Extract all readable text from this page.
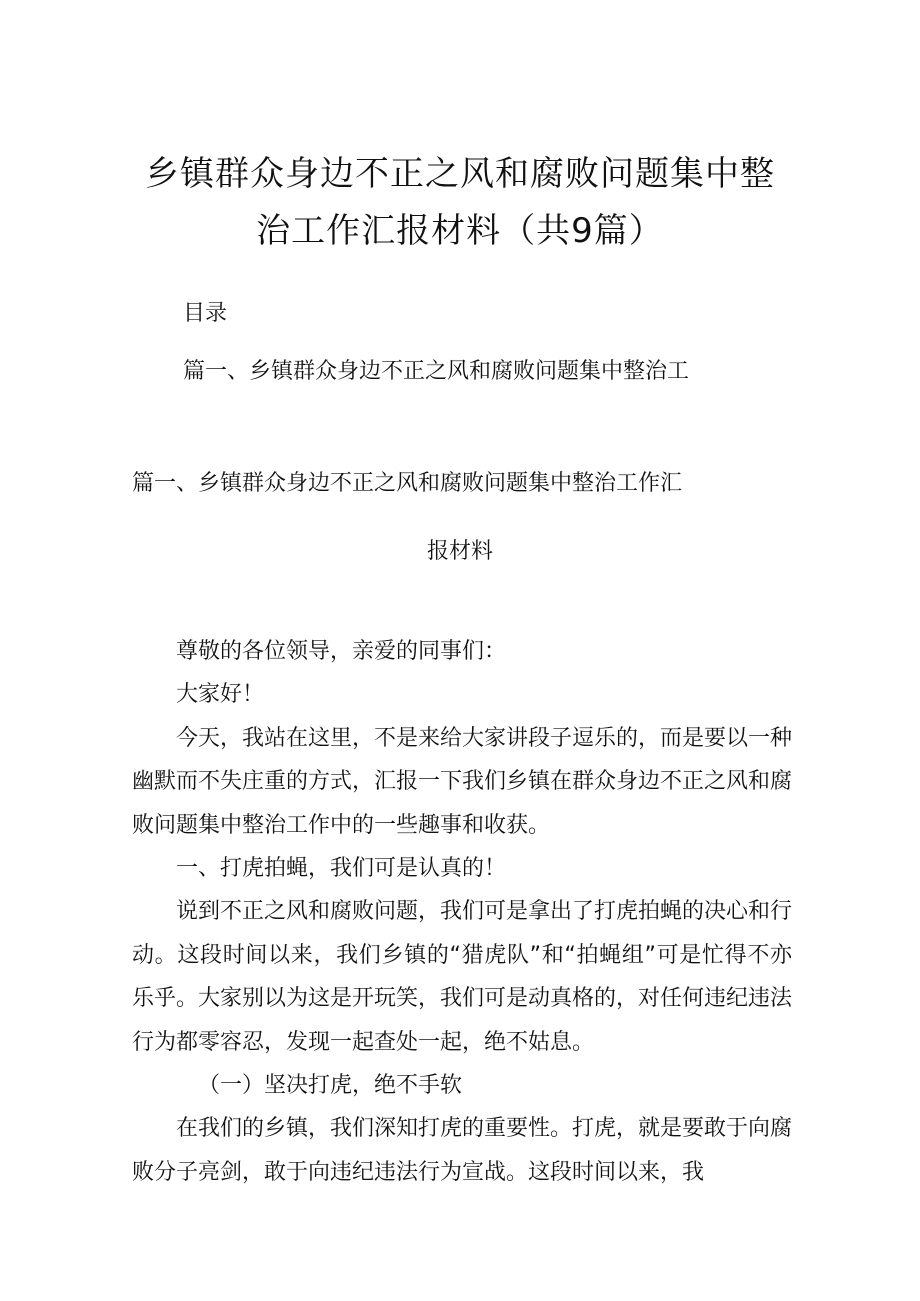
乡镇群众身边不正之风和腐败问题集中整
治工作汇报材料（共9篇）
目录
篇一、乡镇群众身边不正之风和腐败问题集中整治工
篇一、乡镇群众身边不正之风和腐败问题集中整治工作汇
报材料

尊敬的各位领导，亲爱的同事们：

大家好！

今天，我站在这里，不是来给大家讲段子逗乐的，而是要以一种幽默而不失庄重的方式，汇报一下我们乡镇在群众身边不正之风和腐败问题集中整治工作中的一些趣事和收获。

一、打虎拍蝇，我们可是认真的！

说到不正之风和腐败问题，我们可是拿出了打虎拍蝇的决心和行动。这段时间以来，我们乡镇的“猎虎队”和“拍蝇组”可是忙得不亦乐乎。大家别以为这是开玩笑，我们可是动真格的，对任何违纪违法行为都零容忍，发现一起查处一起，绝不姑息。

（一）坚决打虎，绝不手软

在我们的乡镇，我们深知打虎的重要性。打虎，就是要敢于向腐败分子亮剑，敢于向违纪违法行为宣战。这段时间以来，我
